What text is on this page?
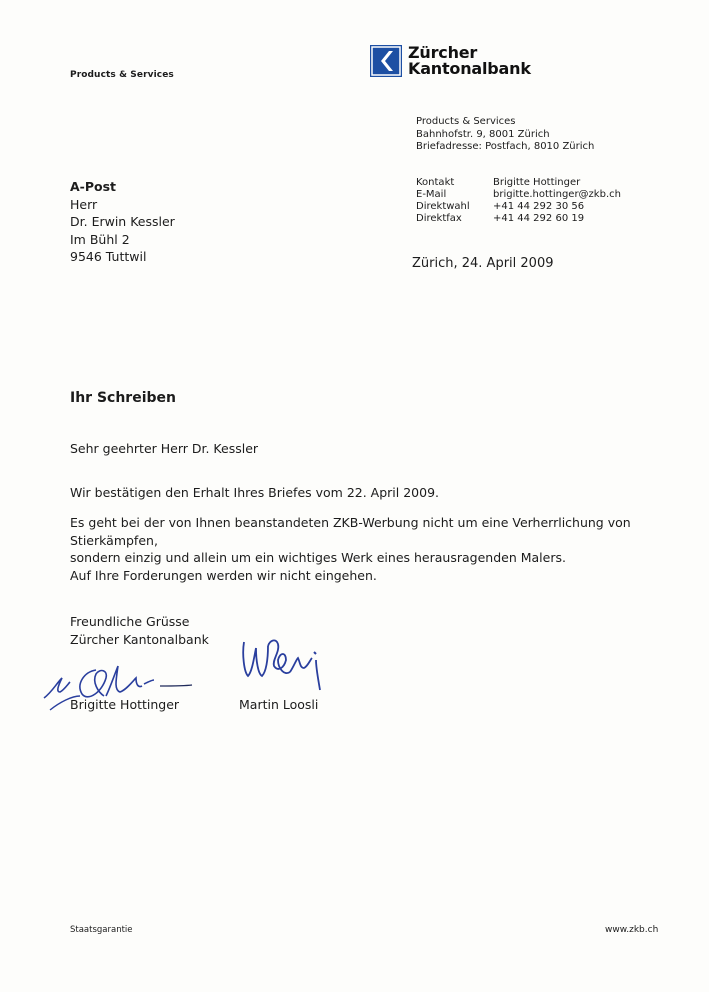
Products & Services
Zürcher
Kantonalbank
Products & Services
Bahnhofstr. 9, 8001 Zürich
Briefadresse: Postfach, 8010 Zürich
Kontakt	Brigitte Hottinger
E-Mail	brigitte.hottinger@zkb.ch
Direktwahl	+41 44 292 30 56
Direktfax	+41 44 292 60 19
Zürich, 24. April 2009
A-Post
Herr
Dr. Erwin Kessler
Im Bühl 2
9546 Tuttwil
Ihr Schreiben
Sehr geehrter Herr Dr. Kessler
Wir bestätigen den Erhalt Ihres Briefes vom 22. April 2009.
Es geht bei der von Ihnen beanstandeten ZKB-Werbung nicht um eine Verherrlichung von Stierkämpfen,
sondern einzig und allein um ein wichtiges Werk eines herausragenden Malers.
Auf Ihre Forderungen werden wir nicht eingehen.
Freundliche Grüsse
Zürcher Kantonalbank
Brigitte Hottinger	Martin Loosli
Staatsgarantie	www.zkb.ch
